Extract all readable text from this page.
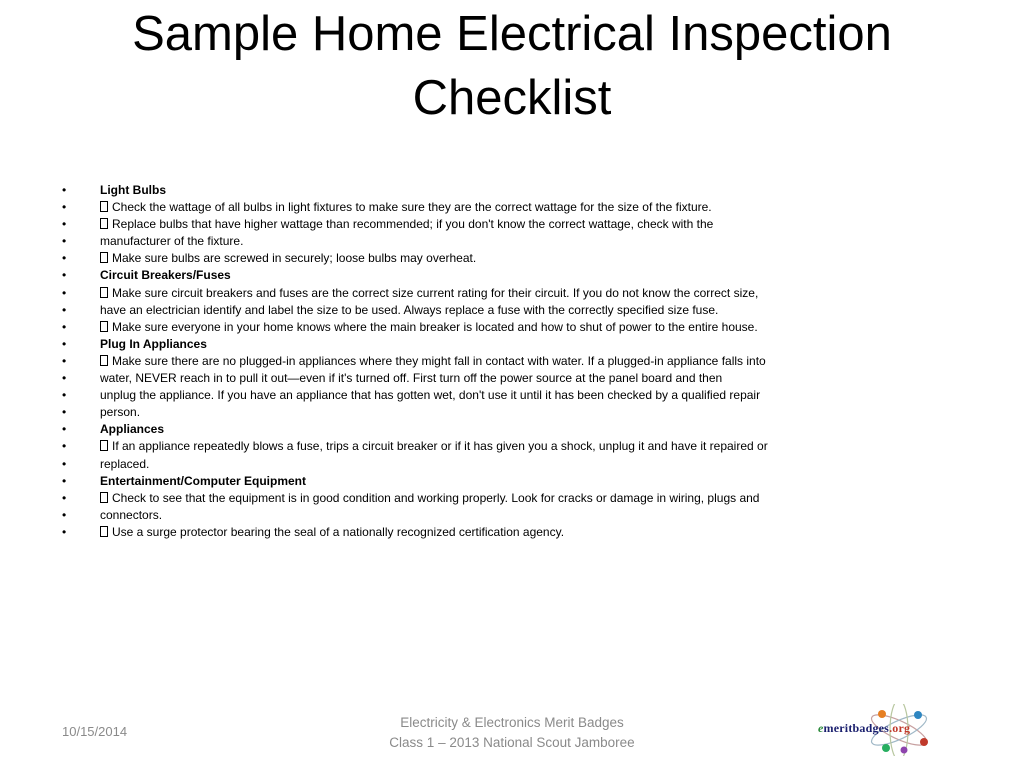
Sample Home Electrical Inspection Checklist
•	Light Bulbs
•	Check the wattage of all bulbs in light fixtures to make sure they are the correct wattage for the size of the fixture.
•	Replace bulbs that have higher wattage than recommended; if you don't know the correct wattage, check with the
•	manufacturer of the fixture.
•	Make sure bulbs are screwed in securely; loose bulbs may overheat.
•	Circuit Breakers/Fuses
•	Make sure circuit breakers and fuses are the correct size current rating for their circuit. If you do not know the correct size,
•	have an electrician identify and label the size to be used. Always replace a fuse with the correctly specified size fuse.
•	Make sure everyone in your home knows where the main breaker is located and how to shut of power to the entire house.
•	Plug In Appliances
•	Make sure there are no plugged-in appliances where they might fall in contact with water. If a plugged-in appliance falls into
•	water, NEVER reach in to pull it out—even if it's turned off. First turn off the power source at the panel board and then
•	unplug the appliance. If you have an appliance that has gotten wet, don't use it until it has been checked by a qualified repair
•	person.
•	Appliances
•	If an appliance repeatedly blows a fuse, trips a circuit breaker or if it has given you a shock, unplug it and have it repaired or
•	replaced.
•	Entertainment/Computer Equipment
•	Check to see that the equipment is in good condition and working properly. Look for cracks or damage in wiring, plugs and
•	connectors.
•	Use a surge protector bearing the seal of a nationally recognized certification agency.
10/15/2014
Electricity & Electronics Merit Badges
Class 1 – 2013 National Scout Jamboree
emeritbadges.org
